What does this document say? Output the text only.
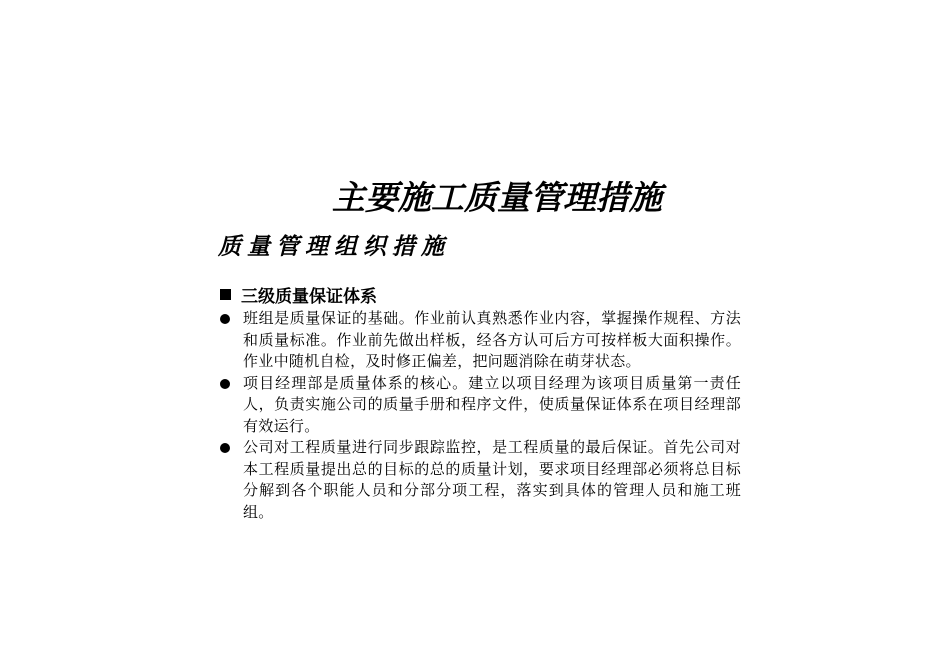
主要施工质量管理措施
质量管理组织措施
三级质量保证体系
班组是质量保证的基础。作业前认真熟悉作业内容，掌握操作规程、方法和质量标准。作业前先做出样板，经各方认可后方可按样板大面积操作。作业中随机自检，及时修正偏差，把问题消除在萌芽状态。
项目经理部是质量体系的核心。建立以项目经理为该项目质量第一责任人，负责实施公司的质量手册和程序文件，使质量保证体系在项目经理部有效运行。
公司对工程质量进行同步跟踪监控，是工程质量的最后保证。首先公司对本工程质量提出总的目标的总的质量计划，要求项目经理部必须将总目标分解到各个职能人员和分部分项工程，落实到具体的管理人员和施工班组。
